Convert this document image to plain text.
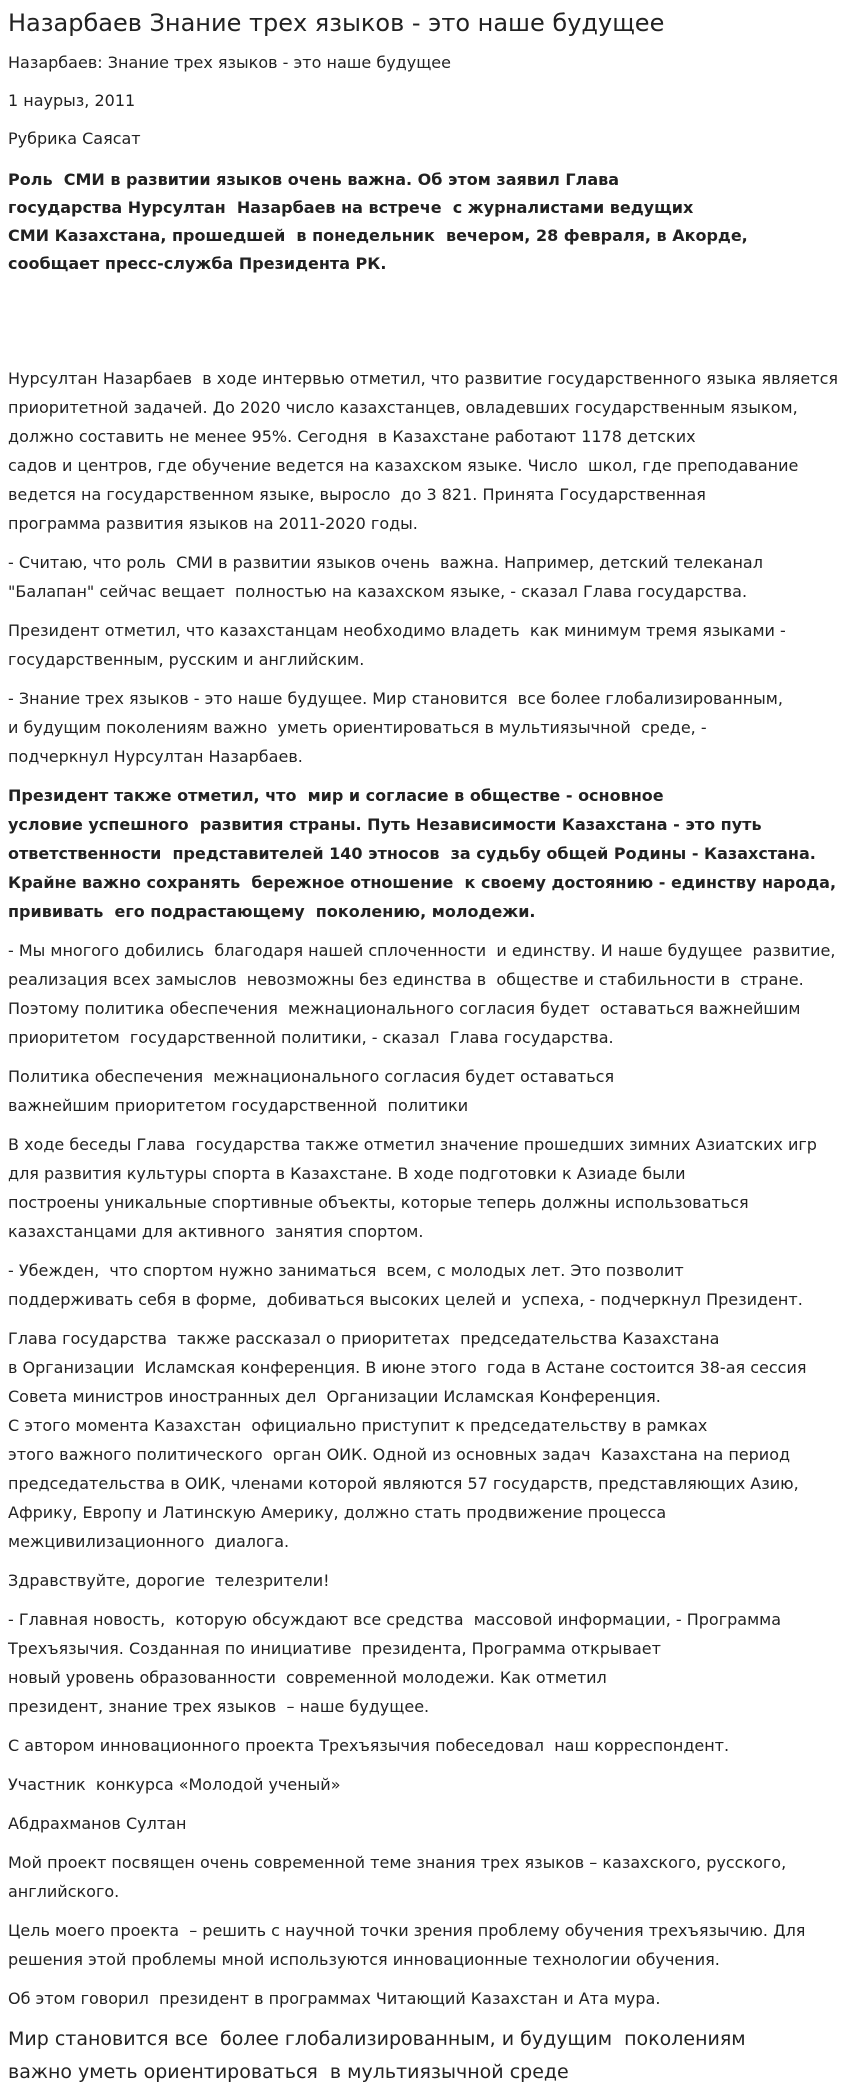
Назарбаев Знание трех языков - это наше будущее

Назарбаев: Знание трех языков - это наше будущее

1 наурыз, 2011

Рубрика Саясат

Роль  СМИ в развитии языков очень важна. Об этом заявил Глава
государства Нурсултан  Назарбаев на встрече  с журналистами ведущих
СМИ Казахстана, прошедшей  в понедельник  вечером, 28 февраля, в Акорде,
сообщает пресс-служба Президента РК.

Нурсултан Назарбаев  в ходе интервью отметил, что развитие государственного языка является
приоритетной задачей. До 2020 число казахстанцев, овладевших государственным языком,
должно составить не менее 95%. Сегодня  в Казахстане работают 1178 детских
садов и центров, где обучение ведется на казахском языке. Число  школ, где преподавание
ведется на государственном языке, выросло  до 3 821. Принята Государственная
программа развития языков на 2011-2020 годы.

- Считаю, что роль  СМИ в развитии языков очень  важна. Например, детский телеканал
"Балапан" сейчас вещает  полностью на казахском языке, - сказал Глава государства.

Президент отметил, что казахстанцам необходимо владеть  как минимум тремя языками -
государственным, русским и английским.

- Знание трех языков - это наше будущее. Мир становится  все более глобализированным,
и будущим поколениям важно  уметь ориентироваться в мультиязычной  среде, -
подчеркнул Нурсултан Назарбаев.

Президент также отметил, что  мир и согласие в обществе - основное
условие успешного  развития страны. Путь Независимости Казахстана - это путь
ответственности  представителей 140 этносов  за судьбу общей Родины - Казахстана.
Крайне важно сохранять  бережное отношение  к своему достоянию - единству народа,
прививать  его подрастающему  поколению, молодежи.

- Мы многого добились  благодаря нашей сплоченности  и единству. И наше будущее  развитие,
реализация всех замыслов  невозможны без единства в  обществе и стабильности в  стране.
Поэтому политика обеспечения  межнационального согласия будет  оставаться важнейшим
приоритетом  государственной политики, - сказал  Глава государства.

Политика обеспечения  межнационального согласия будет оставаться
важнейшим приоритетом государственной  политики

В ходе беседы Глава  государства также отметил значение прошедших зимних Азиатских игр
для развития культуры спорта в Казахстане. В ходе подготовки к Азиаде были
построены уникальные спортивные объекты, которые теперь должны использоваться
казахстанцами для активного  занятия спортом.

- Убежден,  что спортом нужно заниматься  всем, с молодых лет. Это позволит
поддерживать себя в форме,  добиваться высоких целей и  успеха, - подчеркнул Президент.

Глава государства  также рассказал о приоритетах  председательства Казахстана
в Организации  Исламская конференция. В июне этого  года в Астане состоится 38-ая сессия
Совета министров иностранных дел  Организации Исламская Конференция.
С этого момента Казахстан  официально приступит к председательству в рамках
этого важного политического  орган ОИК. Одной из основных задач  Казахстана на период
председательства в ОИК, членами которой являются 57 государств, представляющих Азию,
Африку, Европу и Латинскую Америку, должно стать продвижение процесса
межцивилизационного  диалога.

Здравствуйте, дорогие  телезрители!

- Главная новость,  которую обсуждают все средства  массовой информации, - Программа
Трехъязычия. Созданная по инициативе  президента, Программа открывает
новый уровень образованности  современной молодежи. Как отметил
президент, знание трех языков  – наше будущее.

С автором инновационного проекта Трехъязычия побеседовал  наш корреспондент.

Участник  конкурса «Молодой ученый»

Абдрахманов Султан

Мой проект посвящен очень современной теме знания трех языков – казахского, русского,
английского.

Цель моего проекта  – решить с научной точки зрения проблему обучения трехъязычию. Для
решения этой проблемы мной используются инновационные технологии обучения.

Об этом говорил  президент в программах Читающий Казахстан и Ата мура.

Мир становится все  более глобализированным, и будущим  поколениям
важно уметь ориентироваться  в мультиязычной среде
